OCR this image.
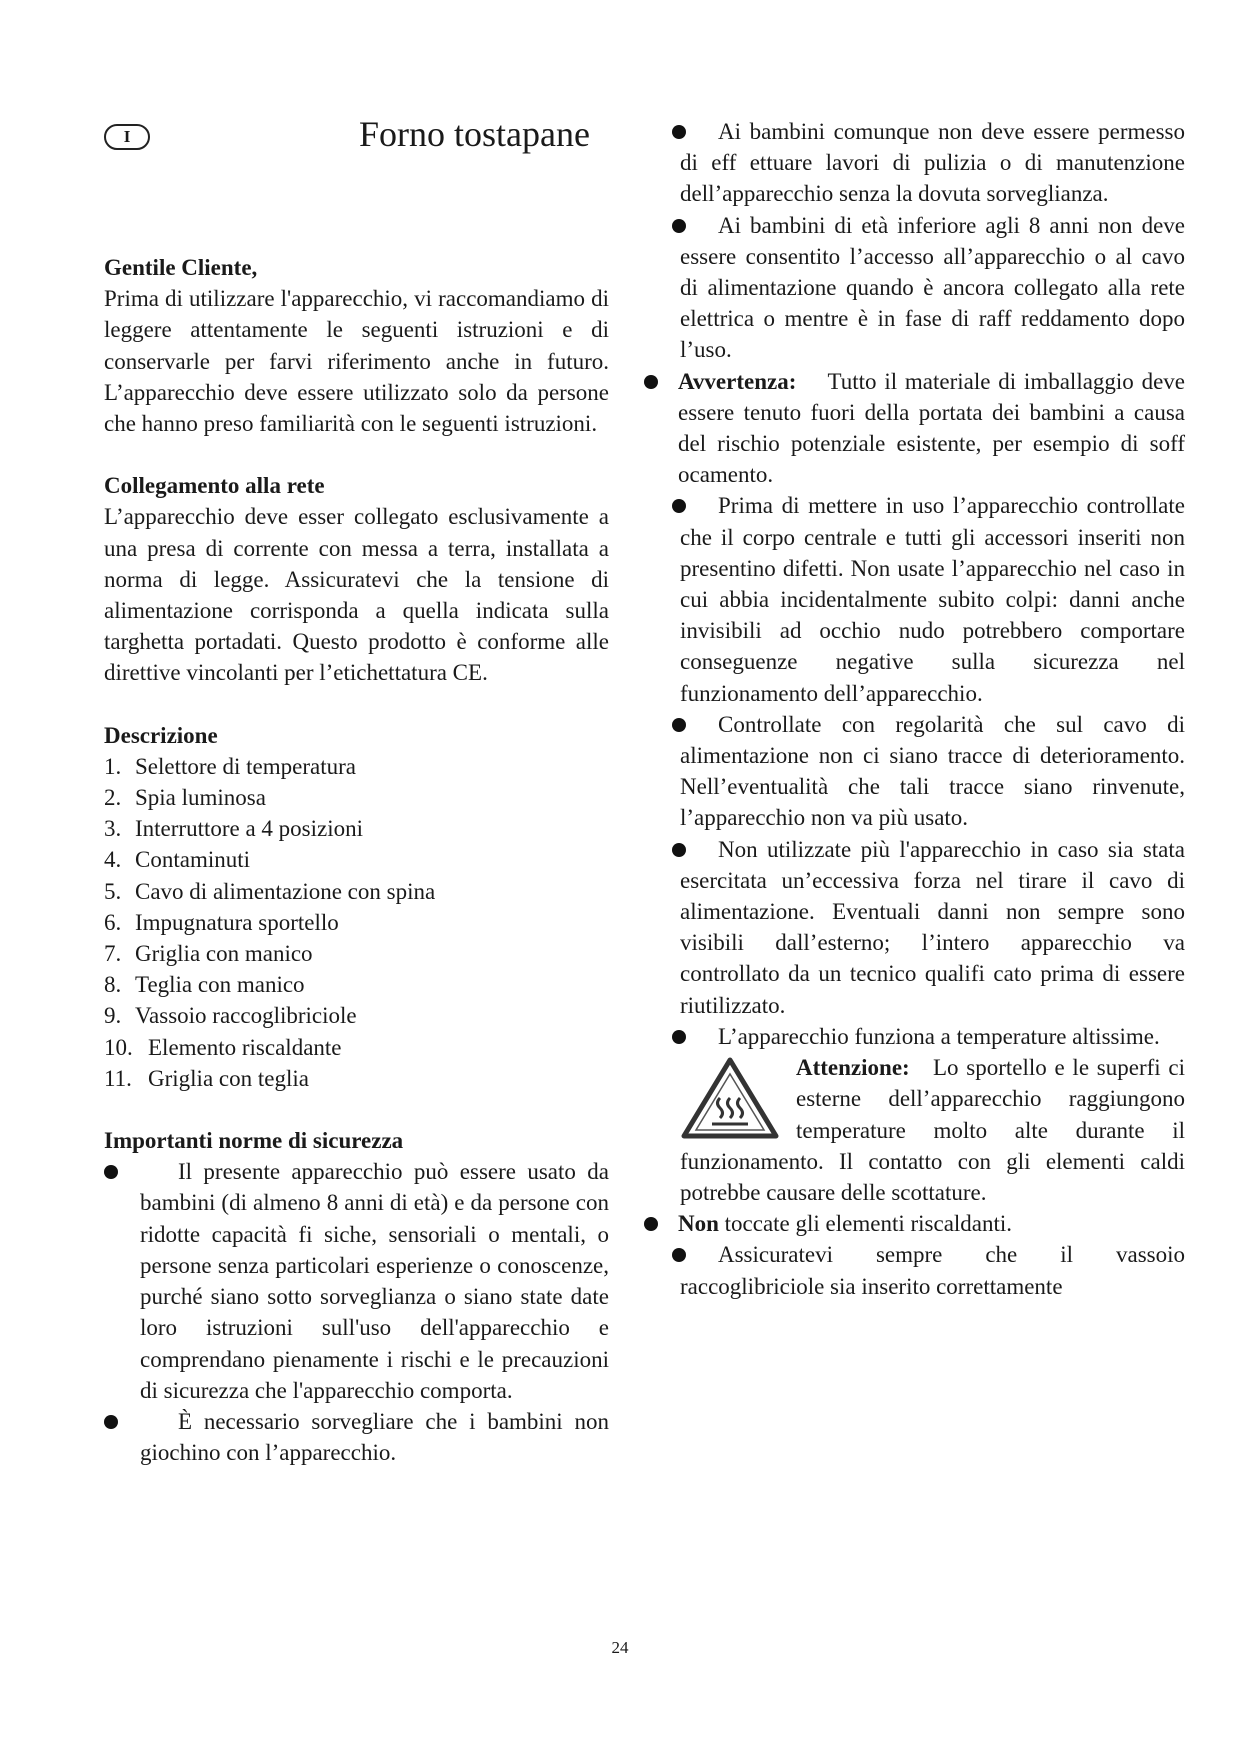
I	Forno tostapane
Gentile Cliente,

Prima di utilizzare l'apparecchio, vi raccomandiamo di leggere attentamente le seguenti istruzioni e di conservarle per farvi riferimento anche in futuro. L’apparecchio deve essere utilizzato solo da persone che hanno preso familiarità con le seguenti istruzioni.

Collegamento alla rete

L’apparecchio deve esser collegato esclusivamente a una presa di corrente con messa a terra, installata a norma di legge. Assicuratevi che la tensione di alimentazione corrisponda a quella indicata sulla targhetta portadati. Questo prodotto è conforme alle direttive vincolanti per l’etichettatura CE.

Descrizione
1. Selettore di temperatura
2. Spia luminosa
3. Interruttore a 4 posizioni
4. Contaminuti
5. Cavo di alimentazione con spina
6. Impugnatura sportello
7. Griglia con manico
8. Teglia con manico
9. Vassoio raccoglibriciole
10. Elemento riscaldante
11. Griglia con teglia
Importanti norme di sicurezza
Il presente apparecchio può essere usato da bambini (di almeno 8 anni di età) e da persone con ridotte capacità fi siche, sensoriali o mentali, o persone senza particolari esperienze o conoscenze, purché siano sotto sorveglianza o siano state date loro istruzioni sull'uso dell'apparecchio e comprendano pienamente i rischi e le precauzioni di sicurezza che l'apparecchio comporta.
È necessario sorvegliare che i bambini non giochino con l’apparecchio.
Ai bambini comunque non deve essere permesso di eff ettuare lavori di pulizia o di manutenzione dell’apparecchio senza la dovuta sorveglianza.
Ai bambini di età inferiore agli 8 anni non deve essere consentito l’accesso all’apparecchio o al cavo di alimentazione quando è ancora collegato alla rete elettrica o mentre è in fase di raff reddamento dopo l’uso.
Avvertenza: Tutto il materiale di imballaggio deve essere tenuto fuori della portata dei bambini a causa del rischio potenziale esistente, per esempio di soff ocamento.
Prima di mettere in uso l’apparecchio controllate che il corpo centrale e tutti gli accessori inseriti non presentino difetti. Non usate l’apparecchio nel caso in cui abbia incidentalmente subito colpi: danni anche invisibili ad occhio nudo potrebbero comportare conseguenze negative sulla sicurezza nel funzionamento dell’apparecchio.
Controllate con regolarità che sul cavo di alimentazione non ci siano tracce di deterioramento. Nell’eventualità che tali tracce siano rinvenute, l’apparecchio non va più usato.
Non utilizzate più l'apparecchio in caso sia stata esercitata un’eccessiva forza nel tirare il cavo di alimentazione. Eventuali danni non sempre sono visibili dall’esterno; l’intero apparecchio va controllato da un tecnico qualifi cato prima di essere riutilizzato.
L’apparecchio funziona a temperature altissime.

Attenzione: Lo sportello e le superfi ci esterne dell’apparecchio raggiungono temperature molto alte durante il funzionamento. Il contatto con gli elementi caldi potrebbe causare delle scottature.

Non toccate gli elementi riscaldanti.
Assicuratevi sempre che il vassoio raccoglibriciole sia inserito correttamente
24
